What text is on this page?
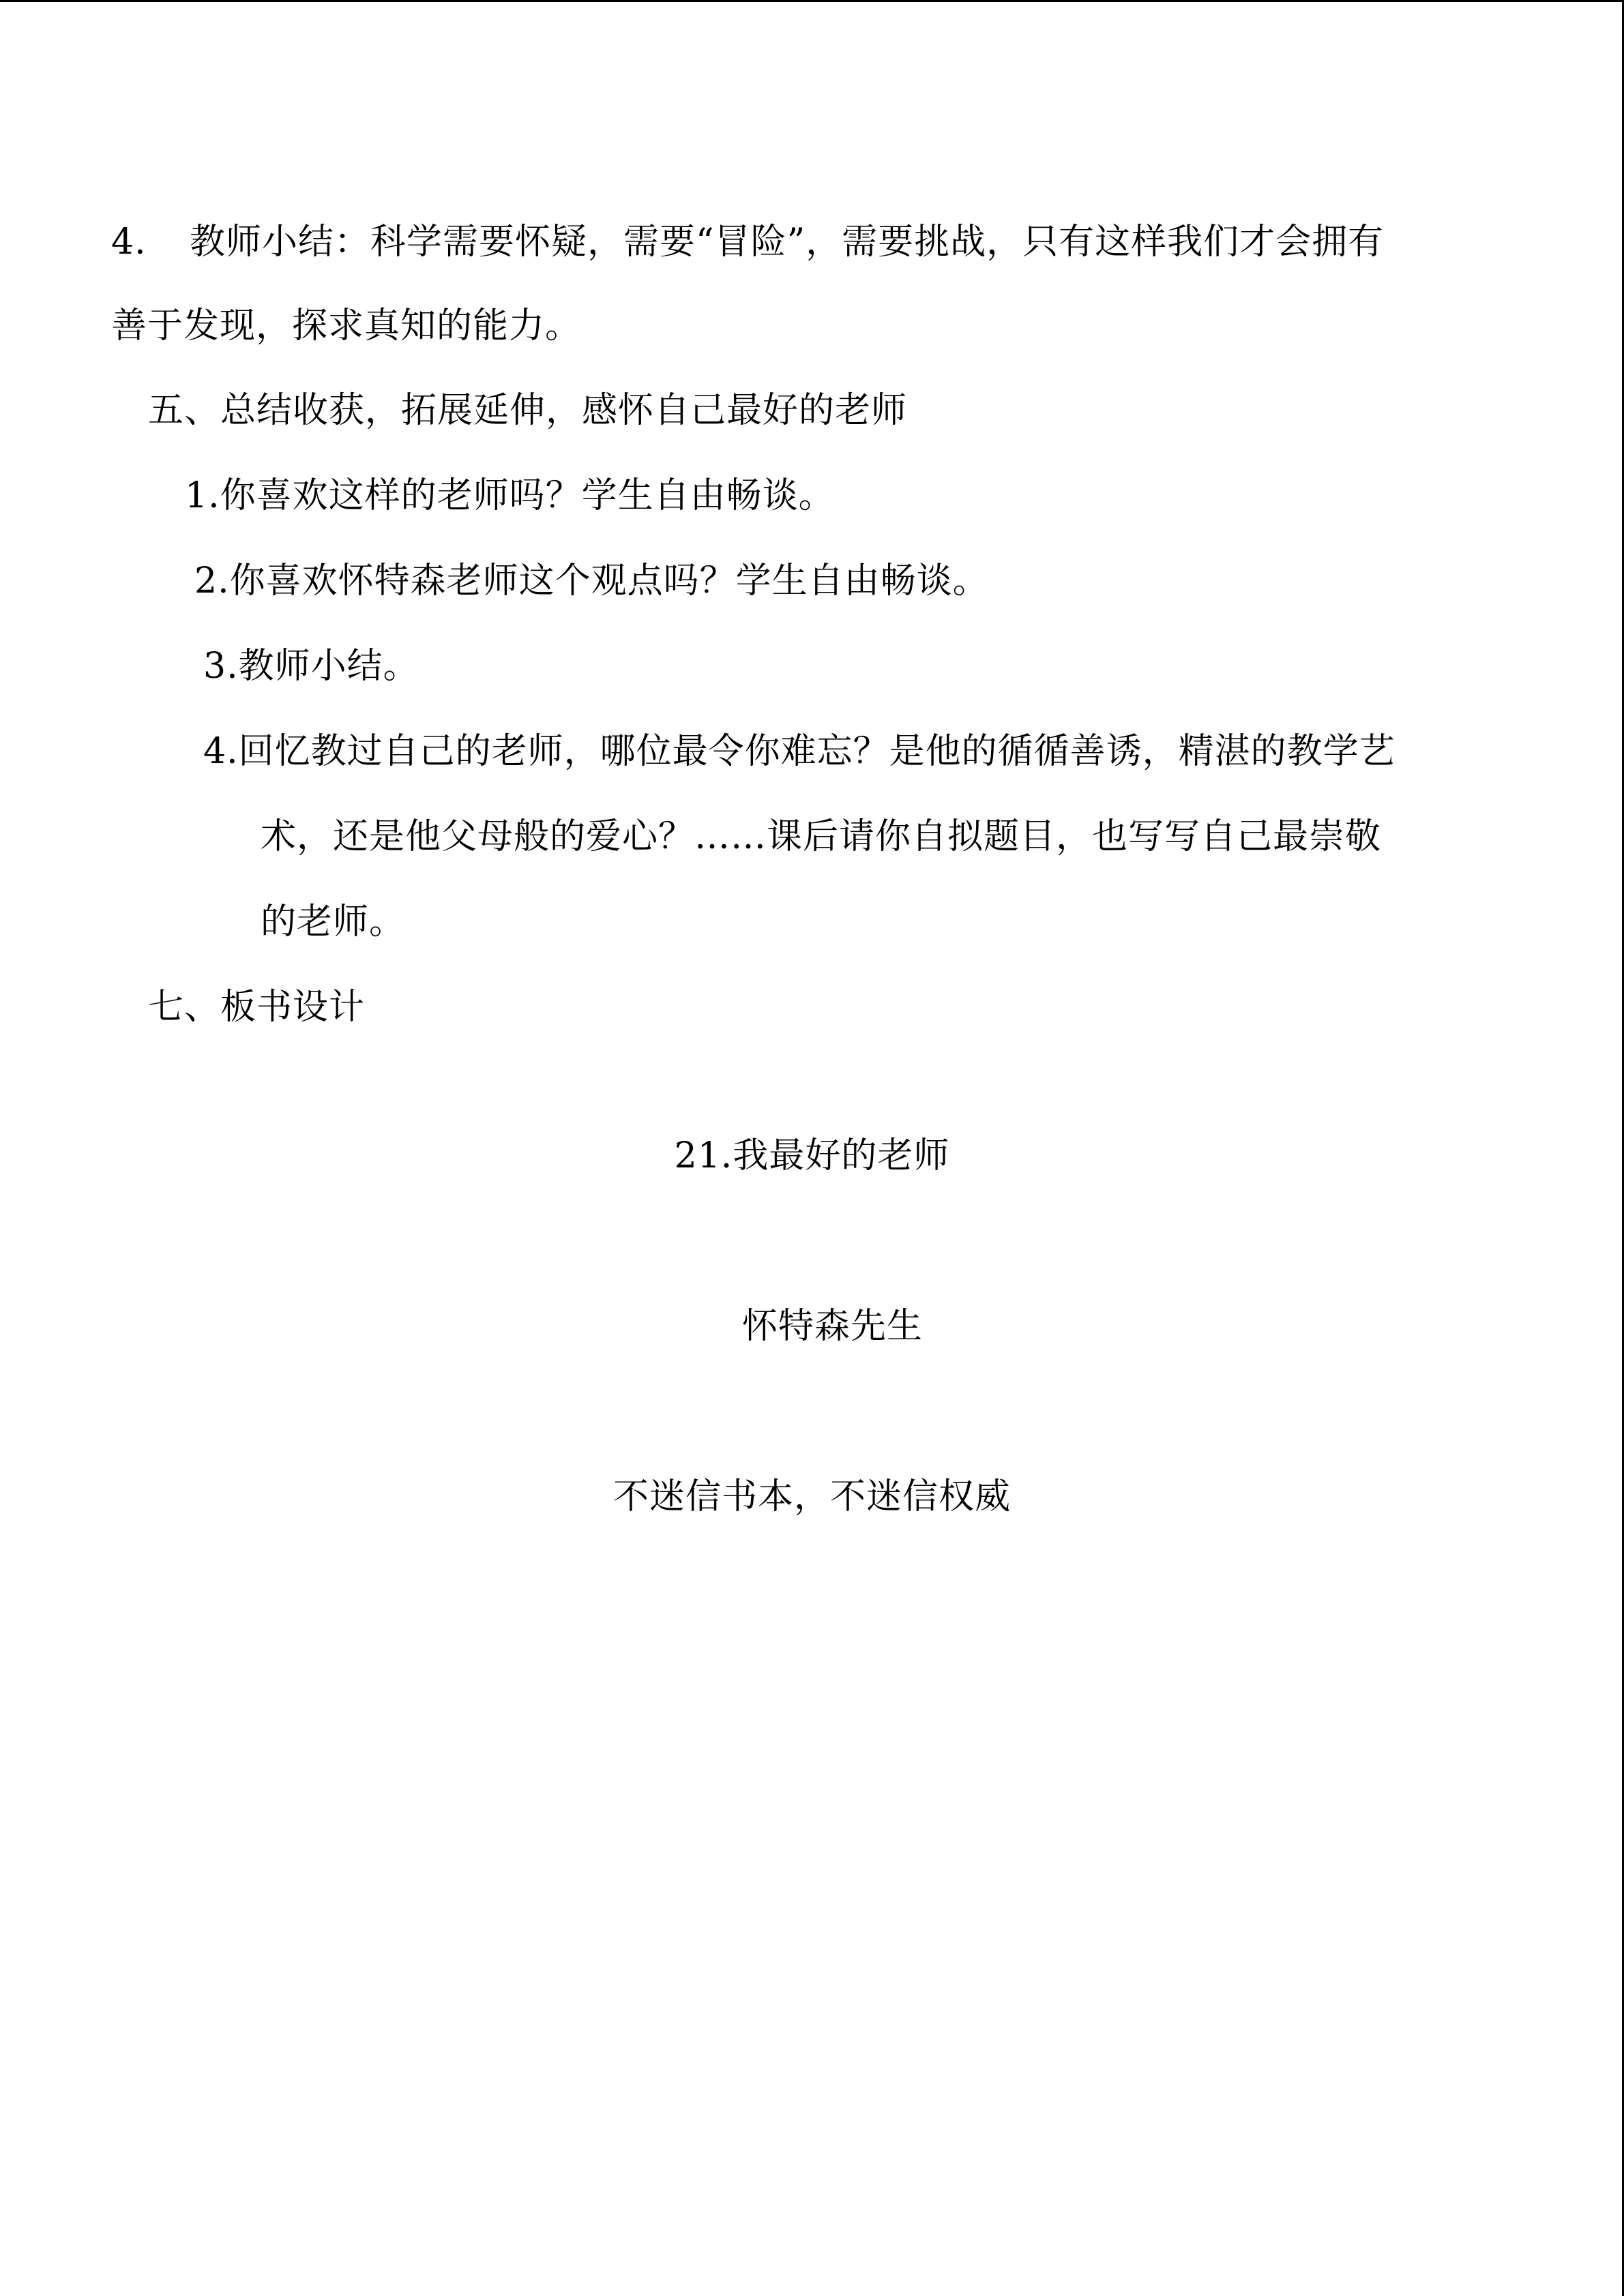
4. 教师小结：科学需要怀疑，需要“冒险”，需要挑战，只有这样我们才会拥有
善于发现，探求真知的能力。
五、总结收获，拓展延伸，感怀自己最好的老师
1.你喜欢这样的老师吗？学生自由畅谈。
2.你喜欢怀特森老师这个观点吗？学生自由畅谈。
3.教师小结。
4.回忆教过自己的老师，哪位最令你难忘？是他的循循善诱，精湛的教学艺
术，还是他父母般的爱心？……课后请你自拟题目，也写写自己最崇敬
的老师。
七、板书设计
21.我最好的老师
怀特森先生
不迷信书本，不迷信权威
